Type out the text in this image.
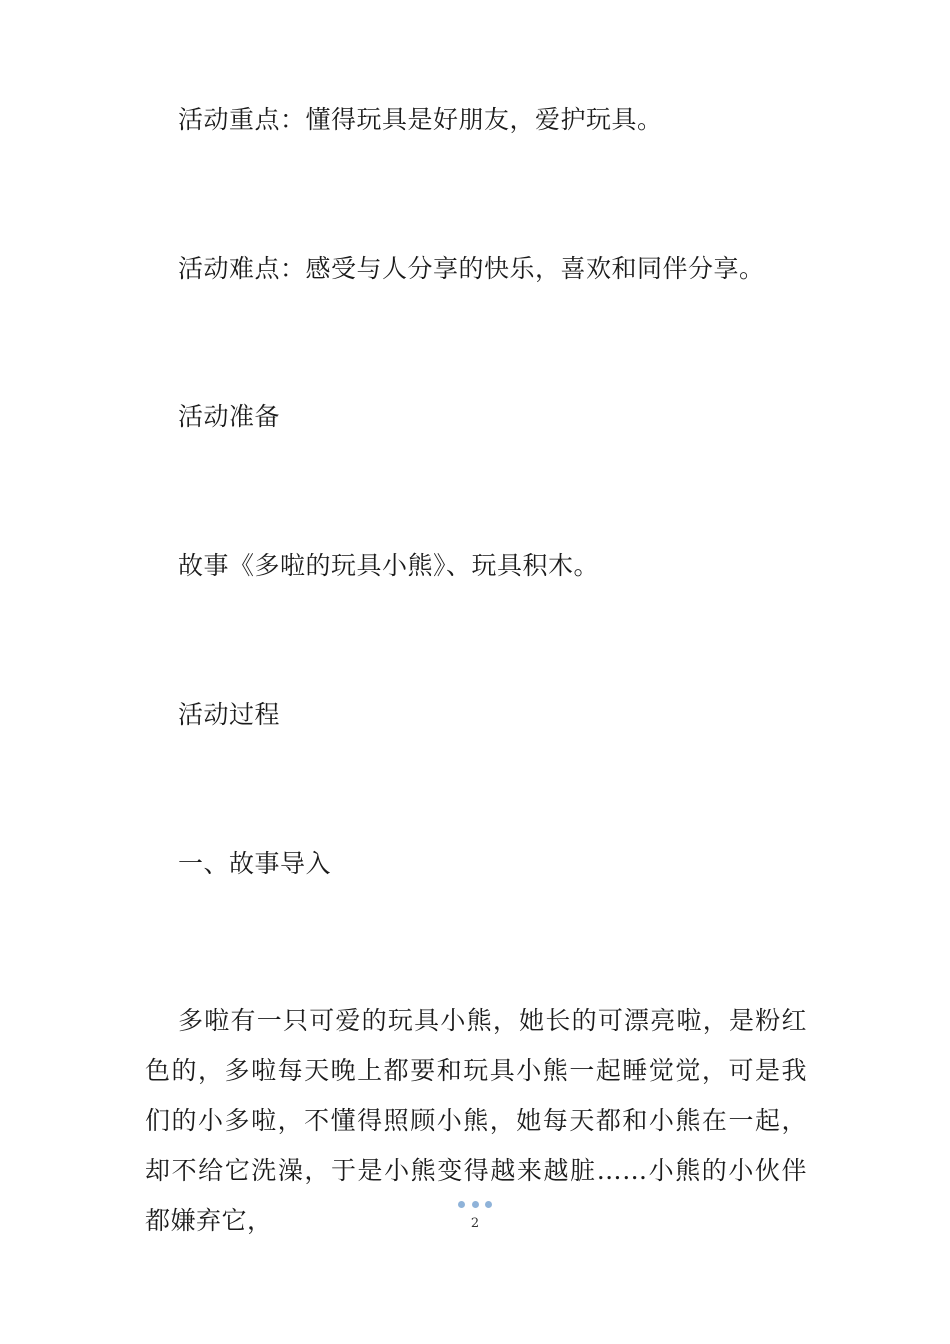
活动重点：懂得玩具是好朋友，爱护玩具。
活动难点：感受与人分享的快乐，喜欢和同伴分享。
活动准备
故事《多啦的玩具小熊》、玩具积木。
活动过程
一、故事导入
多啦有一只可爱的玩具小熊，她长的可漂亮啦，是粉红色的，多啦每天晚上都要和玩具小熊一起睡觉觉，可是我们的小多啦，不懂得照顾小熊，她每天都和小熊在一起，却不给它洗澡，于是小熊变得越来越脏……小熊的小伙伴都嫌弃它，	2
